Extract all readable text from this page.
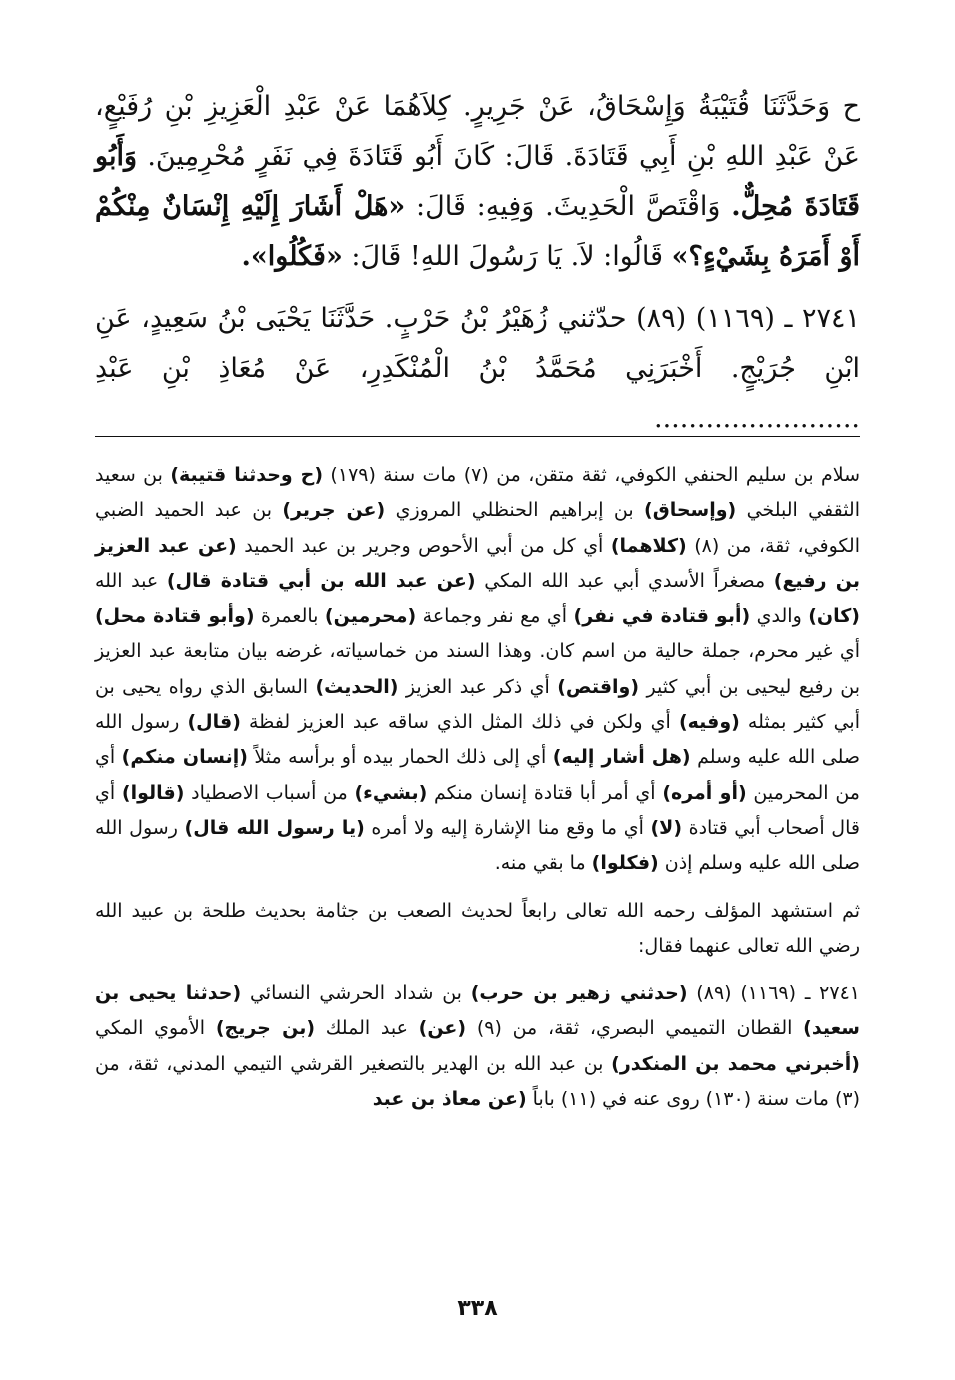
ح وَحَدَّثَنَا قُتَيْبَةُ وَإِسْحَاقُ، عَنْ جَرِيرٍ. كِلاَهُمَا عَنْ عَبْدِ الْعَزِيزِ بْنِ رُفَيْعٍ، عَنْ عَبْدِ اللهِ بْنِ أَبِي قَتَادَةَ. قَالَ: كَانَ أَبُو قَتَادَةَ فِي نَفَرٍ مُحْرِمِينَ. وَأَبُو قَتَادَةَ مُحِلٌّ. وَاقْتَصَّ الْحَدِيثَ. وَفِيهِ: قَالَ: «هَلْ أَشَارَ إِلَيْهِ إِنْسَانٌ مِنْكُمْ أَوْ أَمَرَهُ بِشَيْءٍ؟» قَالُوا: لاَ. يَا رَسُولَ اللهِ! قَالَ: «فَكُلُوا».

٢٧٤١ ـ (١١٦٩) (٨٩) حدّثني زُهَيْرُ بْنُ حَرْبٍ. حَدَّثَنَا يَحْيَى بْنُ سَعِيدٍ، عَنِ ابْنِ جُرَيْجٍ. أَخْبَرَنِي مُحَمَّدُ بْنُ الْمُنْكَدِرِ، عَنْ مُعَاذِ بْنِ عَبْدِ ........................

سلام بن سليم الحنفي الكوفي، ثقة متقن، من (٧) مات سنة (١٧٩) (ح وحدثنا قتيبة) بن سعيد الثقفي البلخي (وإسحاق) بن إبراهيم الحنظلي المروزي (عن جرير) بن عبد الحميد الضبي الكوفي، ثقة، من (٨) (كلاهما) أي كل من أبي الأحوص وجرير بن عبد الحميد (عن عبد العزيز بن رفيع) مصغراً الأسدي أبي عبد الله المكي (عن عبد الله بن أبي قتادة قال) عبد الله (كان) والدي (أبو قتادة في نفر) أي مع نفر وجماعة (محرمين) بالعمرة (وأبو قتادة محل) أي غير محرم، جملة حالية من اسم كان. وهذا السند من خماسياته، غرضه بيان متابعة عبد العزيز بن رفيع ليحيى بن أبي كثير (واقتص) أي ذكر عبد العزيز (الحديث) السابق الذي رواه يحيى بن أبي كثير بمثله (وفيه) أي ولكن في ذلك المثل الذي ساقه عبد العزيز لفظة (قال) رسول الله صلى الله عليه وسلم (هل أشار إليه) أي إلى ذلك الحمار بيده أو برأسه مثلاً (إنسان منكم) أي من المحرمين (أو أمره) أي أمر أبا قتادة إنسان منكم (بشيء) من أسباب الاصطياد (قالوا) أي قال أصحاب أبي قتادة (لا) أي ما وقع منا الإشارة إليه ولا أمره (يا رسول الله قال) رسول الله صلى الله عليه وسلم إذن (فكلوا) ما بقي منه.

ثم استشهد المؤلف رحمه الله تعالى رابعاً لحديث الصعب بن جثامة بحديث طلحة بن عبيد الله رضي الله تعالى عنهما فقال:

٢٧٤١ ـ (١١٦٩) (٨٩) (حدثني زهير بن حرب) بن شداد الحرشي النسائي (حدثنا يحيى بن سعيد) القطان التميمي البصري، ثقة، من (٩) (عن) عبد الملك (بن جريج) الأموي المكي (أخبرني محمد بن المنكدر) بن عبد الله بن الهدير بالتصغير القرشي التيمي المدني، ثقة، من (٣) مات سنة (١٣٠) روى عنه في (١١) باباً (عن معاذ بن عبد

٣٣٨
